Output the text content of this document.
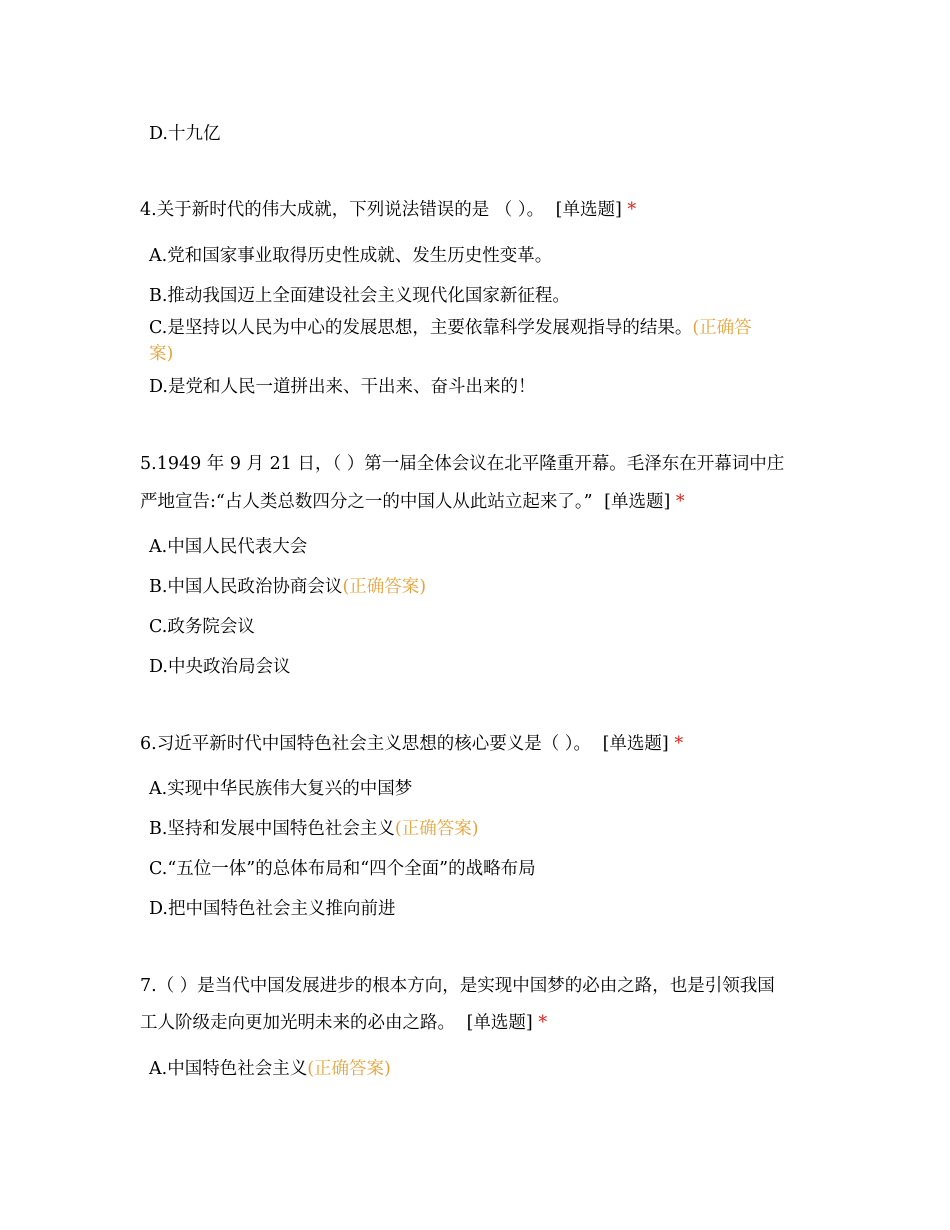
D.十九亿
4.关于新时代的伟大成就，下列说法错误的是 （ ）。 [单选题] *
A.党和国家事业取得历史性成就、发生历史性变革。
B.推动我国迈上全面建设社会主义现代化国家新征程。
C.是坚持以人民为中心的发展思想，主要依靠科学发展观指导的结果。(正确答
案)
D.是党和人民一道拼出来、干出来、奋斗出来的！
5.1949 年 9 月 21 日，（ ）第一届全体会议在北平隆重开幕。毛泽东在开幕词中庄
严地宣告:“占人类总数四分之一的中国人从此站立起来了。” [单选题] *
A.中国人民代表大会
B.中国人民政治协商会议(正确答案)
C.政务院会议
D.中央政治局会议
6.习近平新时代中国特色社会主义思想的核心要义是（ ）。 [单选题] *
A.实现中华民族伟大复兴的中国梦
B.坚持和发展中国特色社会主义(正确答案)
C.“五位一体”的总体布局和“四个全面”的战略布局
D.把中国特色社会主义推向前进
7.（ ）是当代中国发展进步的根本方向，是实现中国梦的必由之路，也是引领我国
工人阶级走向更加光明未来的必由之路。 [单选题] *
A.中国特色社会主义(正确答案)
